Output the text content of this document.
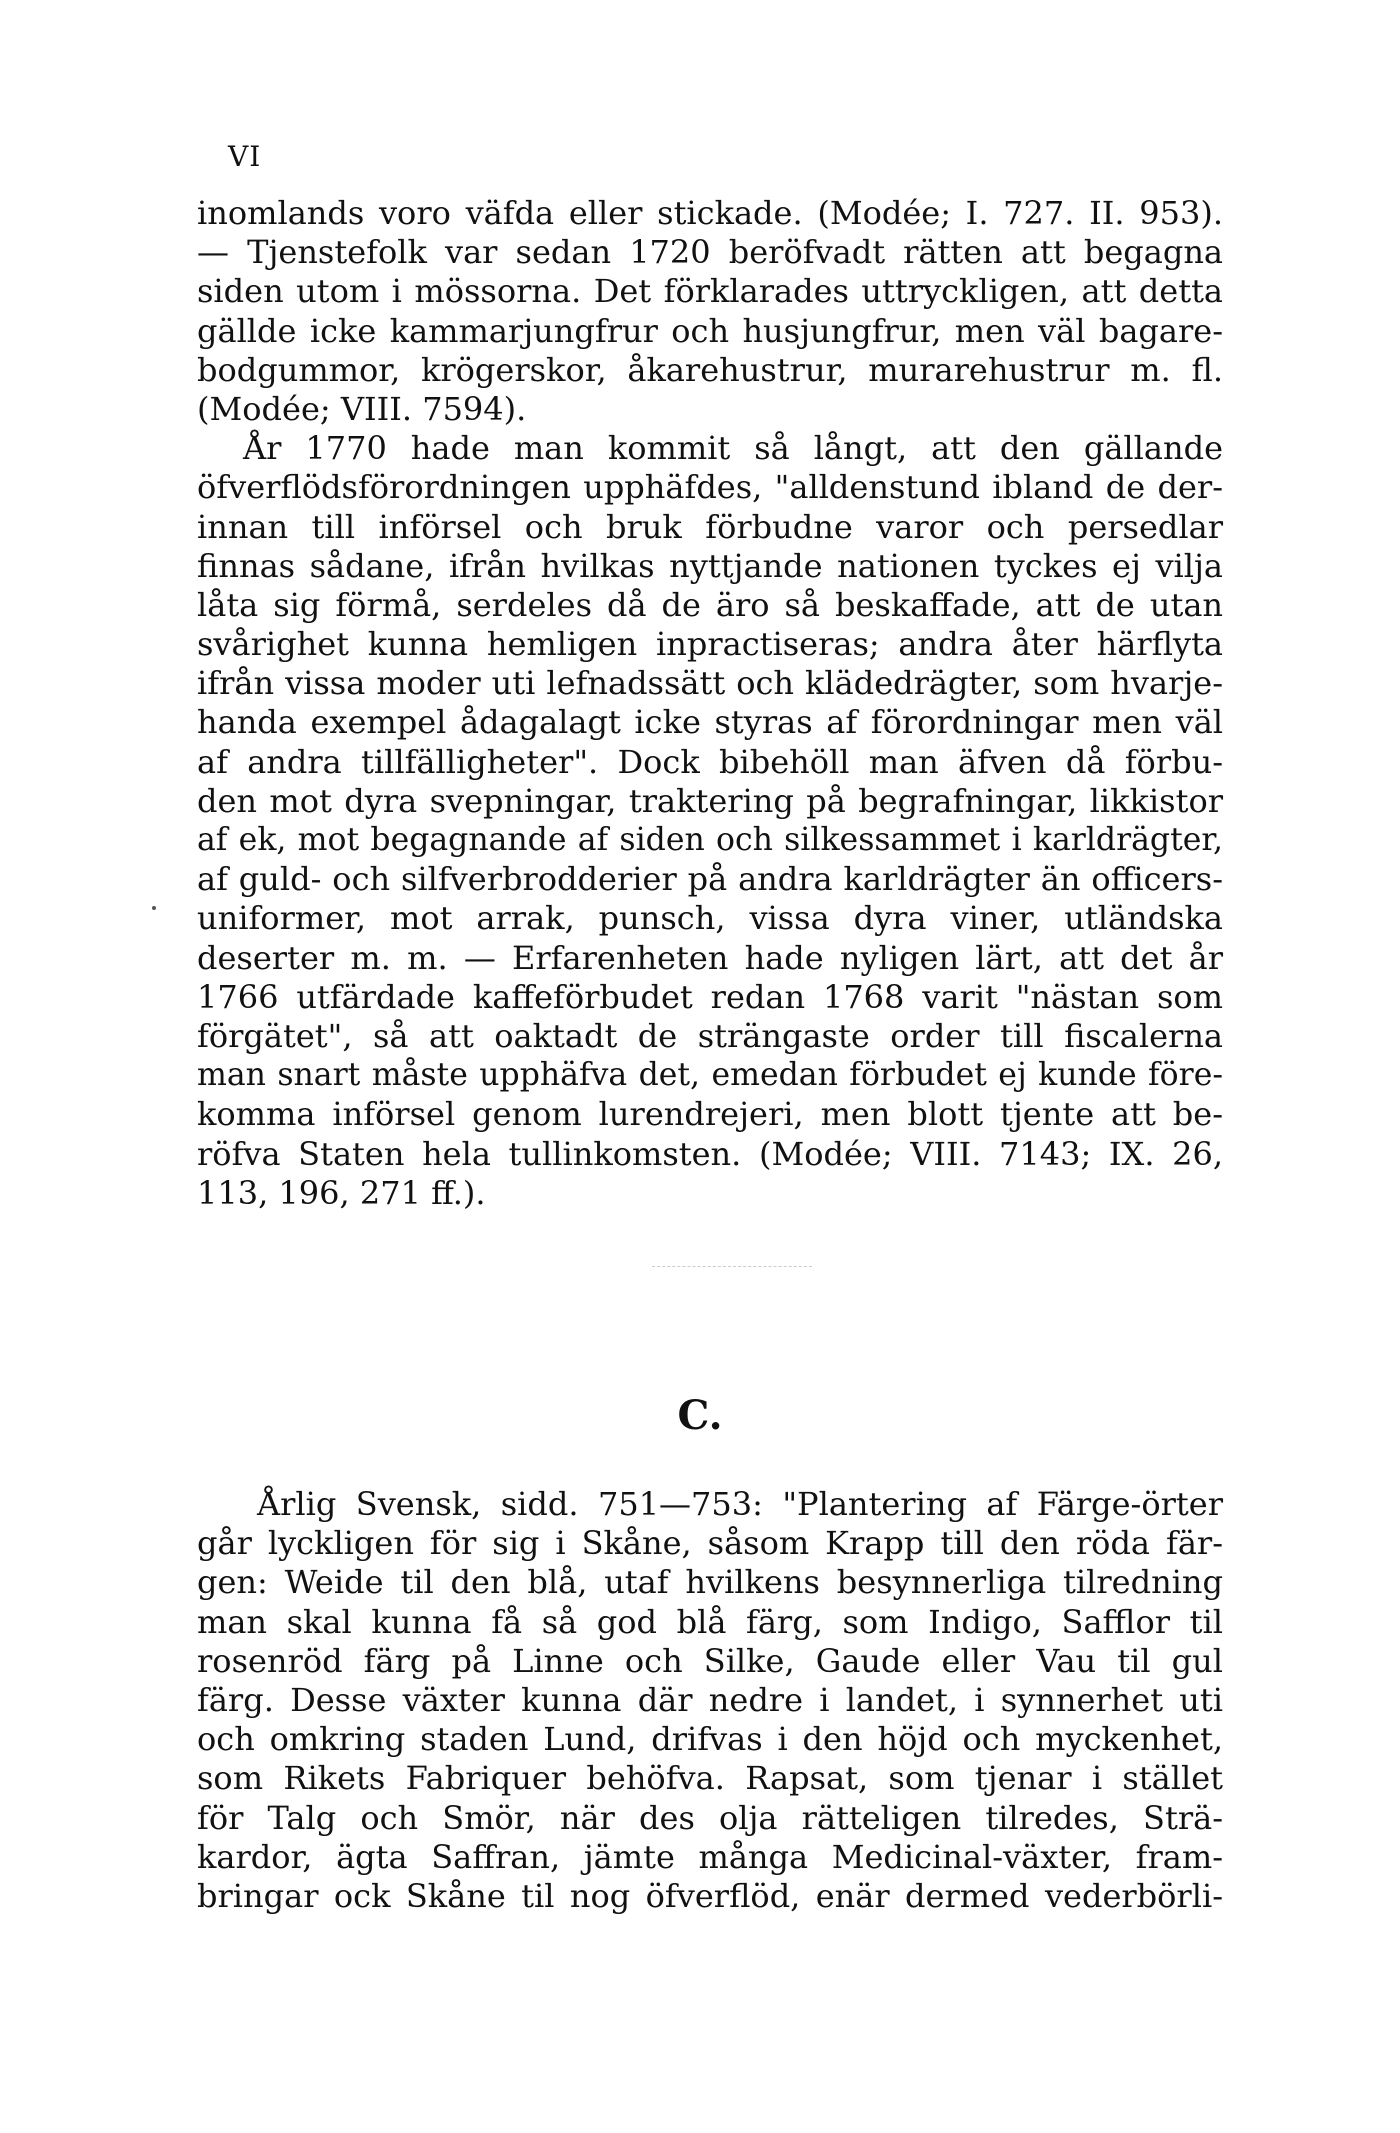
VI
inomlands voro väfda eller stickade. (Modée; I. 727. II. 953).
— Tjenstefolk var sedan 1720 beröfvadt rätten att begagna
siden utom i mössorna. Det förklarades uttryckligen, att detta
gällde icke kammarjungfrur och husjungfrur, men väl bagare-
bodgummor, krögerskor, åkarehustrur, murarehustrur m. fl.
(Modée; VIII. 7594).
År 1770 hade man kommit så långt, att den gällande
öfverflödsförordningen upphäfdes, "alldenstund ibland de der-
innan till införsel och bruk förbudne varor och persedlar
finnas sådane, ifrån hvilkas nyttjande nationen tyckes ej vilja
låta sig förmå, serdeles då de äro så beskaffade, att de utan
svårighet kunna hemligen inpractiseras; andra åter härflyta
ifrån vissa moder uti lefnadssätt och klädedrägter, som hvarje-
handa exempel ådagalagt icke styras af förordningar men väl
af andra tillfälligheter". Dock bibehöll man äfven då förbu-
den mot dyra svepningar, traktering på begrafningar, likkistor
af ek, mot begagnande af siden och silkessammet i karldrägter,
af guld- och silfverbrodderier på andra karldrägter än officers-
uniformer, mot arrak, punsch, vissa dyra viner, utländska
deserter m. m. — Erfarenheten hade nyligen lärt, att det år
1766 utfärdade kaffeförbudet redan 1768 varit "nästan som
förgätet", så att oaktadt de strängaste order till fiscalerna
man snart måste upphäfva det, emedan förbudet ej kunde före-
komma införsel genom lurendrejeri, men blott tjente att be-
röfva Staten hela tullinkomsten. (Modée; VIII. 7143; IX. 26,
113, 196, 271 ff.).
C.
Årlig Svensk, sidd. 751—753: "Plantering af Färge-örter
går lyckligen för sig i Skåne, såsom Krapp till den röda fär-
gen: Weide til den blå, utaf hvilkens besynnerliga tilredning
man skal kunna få så god blå färg, som Indigo, Safflor til
rosenröd färg på Linne och Silke, Gaude eller Vau til gul
färg. Desse växter kunna där nedre i landet, i synnerhet uti
och omkring staden Lund, drifvas i den höjd och myckenhet,
som Rikets Fabriquer behöfva. Rapsat, som tjenar i stället
för Talg och Smör, när des olja rätteligen tilredes, Strä-
kardor, ägta Saffran, jämte många Medicinal-växter, fram-
bringar ock Skåne til nog öfverflöd, enär dermed vederbörli-
